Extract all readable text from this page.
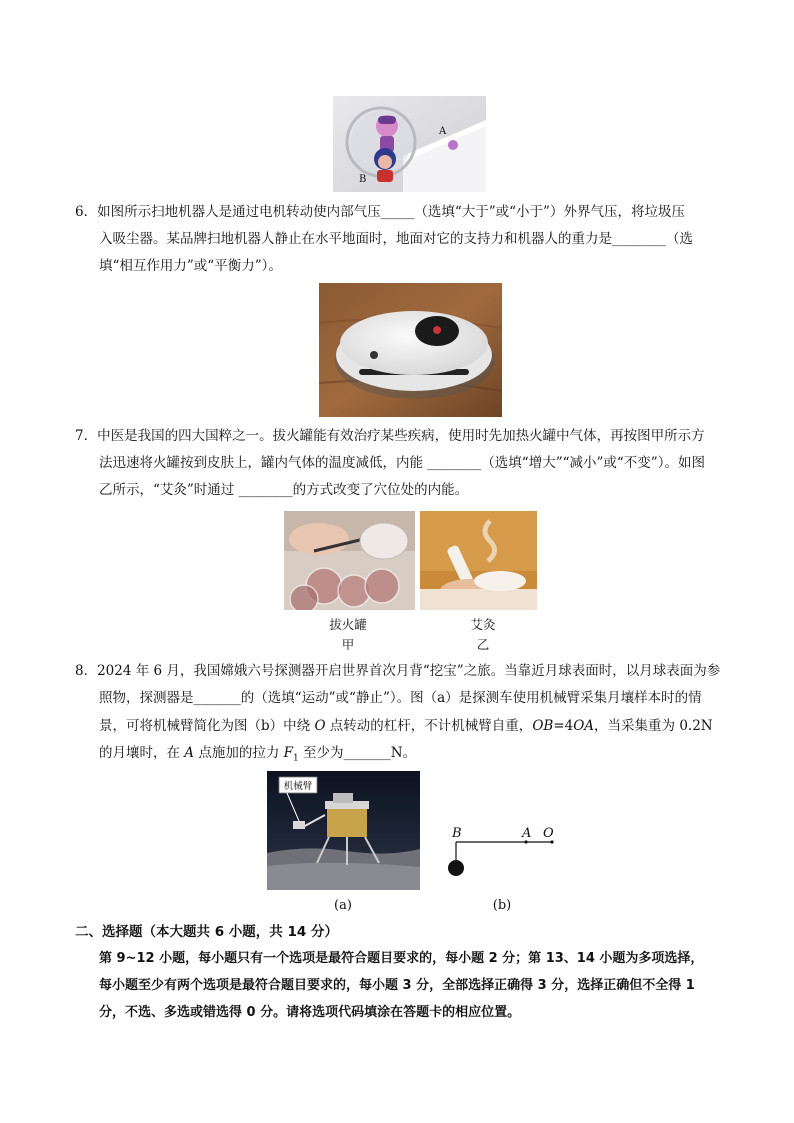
B
A
6．如图所示扫地机器人是通过电机转动使内部气压_____（选填“大于”或“小于”）外界气压，将垃圾压
入吸尘器。某品牌扫地机器人静止在水平地面时，地面对它的支持力和机器人的重力是________（选
填“相互作用力”或“平衡力”）。
7．中医是我国的四大国粹之一。拔火罐能有效治疗某些疾病，使用时先加热火罐中气体，再按图甲所示方
法迅速将火罐按到皮肤上，罐内气体的温度减低，内能 ________（选填“增大”“减小”或“不变”）。如图
乙所示，“艾灸”时通过 ________的方式改变了穴位处的内能。
拔火罐
甲
艾灸
乙
8．2024 年 6 月，我国嫦娥六号探测器开启世界首次月背“挖宝”之旅。当靠近月球表面时，以月球表面为参
照物，探测器是_______的（选填“运动”或“静止”）。图（a）是探测车使用机械臂采集月壤样本时的情
景，可将机械臂简化为图（b）中绕 O 点转动的杠杆，不计机械臂自重，OB=4OA，当采集重为 0.2N
的月壤时，在 A 点施加的拉力 $F_1$ 至少为_______N。
机械臂
B	A O
(a)	(b)
二、选择题（本大题共 6 小题，共 14 分）
第 9~12 小题，每小题只有一个选项是最符合题目要求的，每小题 2 分；第 13、14 小题为多项选择，
每小题至少有两个选项是最符合题目要求的，每小题 3 分，全部选择正确得 3 分，选择正确但不全得 1
分，不选、多选或错选得 0 分。请将选项代码填涂在答题卡的相应位置。
